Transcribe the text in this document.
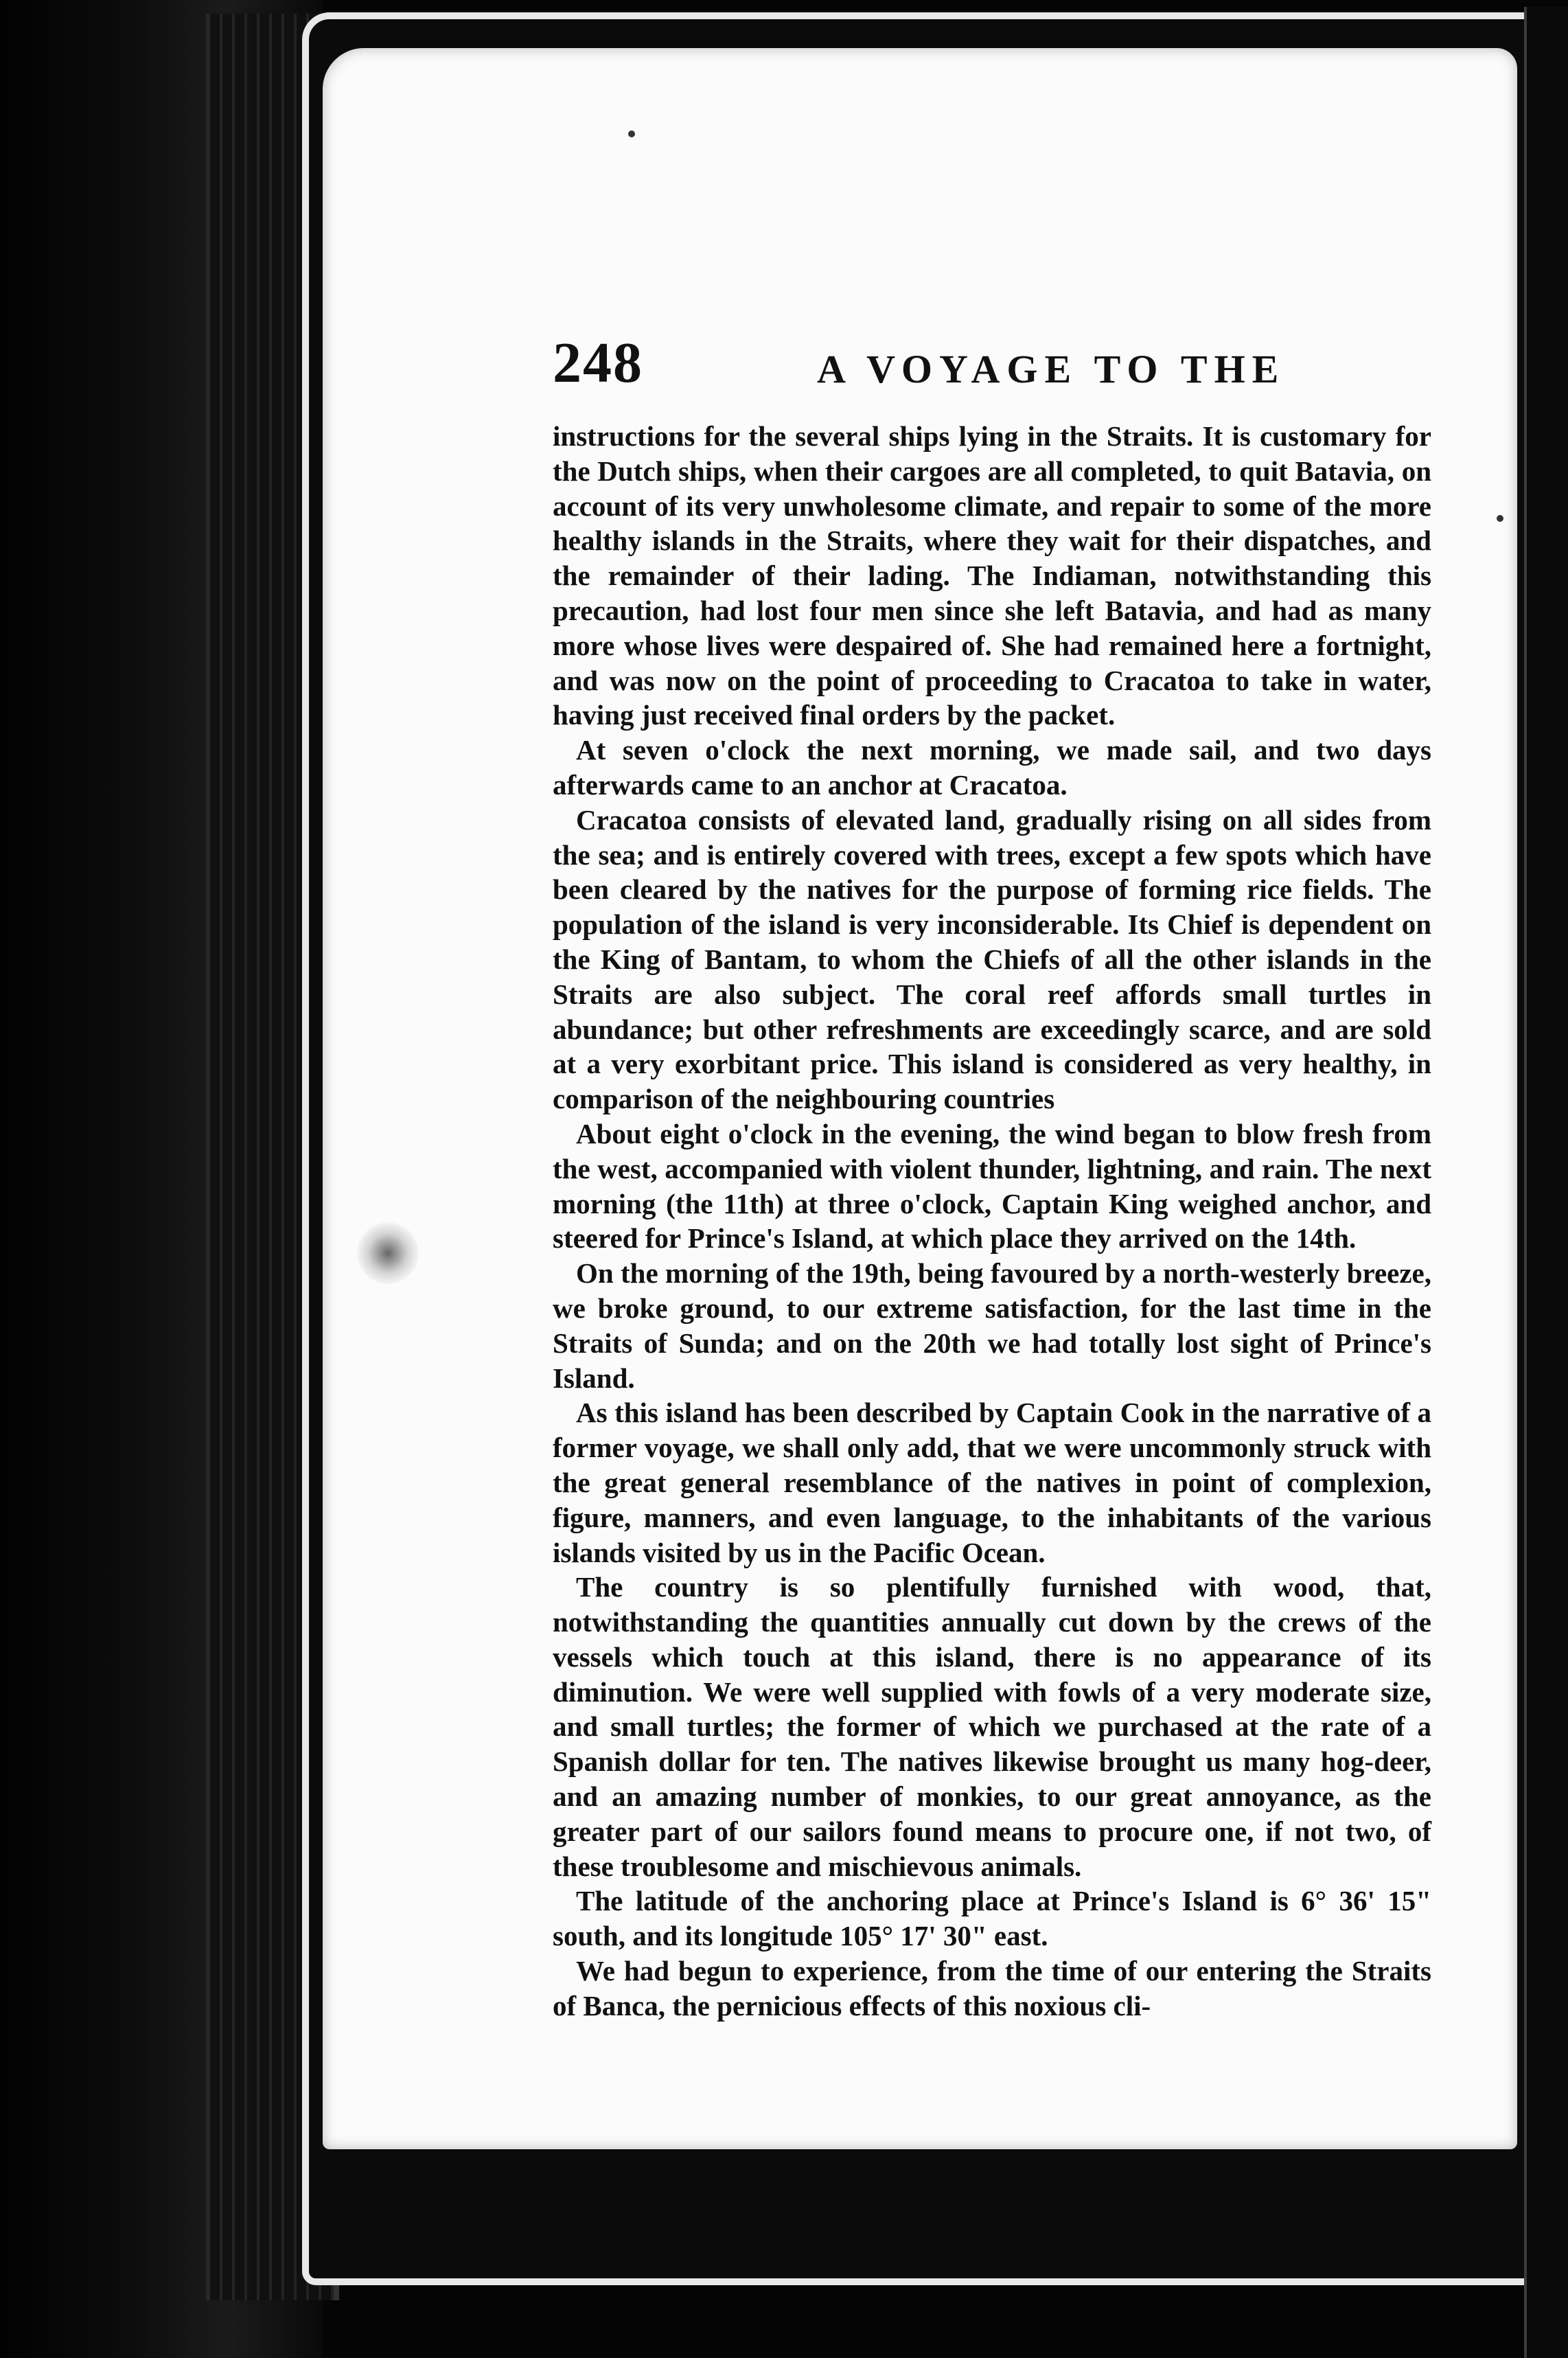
248	A VOYAGE TO THE

instructions for the several ships lying in the Straits. It is customary for the Dutch ships, when their cargoes are all completed, to quit Batavia, on account of its very unwholesome climate, and repair to some of the more healthy islands in the Straits, where they wait for their dispatches, and the remainder of their lading. The Indiaman, notwithstanding this precaution, had lost four men since she left Batavia, and had as many more whose lives were despaired of. She had remained here a fortnight, and was now on the point of proceeding to Cracatoa to take in water, having just received final orders by the packet.

At seven o'clock the next morning, we made sail, and two days afterwards came to an anchor at Cracatoa.

Cracatoa consists of elevated land, gradually rising on all sides from the sea; and is entirely covered with trees, except a few spots which have been cleared by the natives for the purpose of forming rice fields. The population of the island is very inconsiderable. Its Chief is dependent on the King of Bantam, to whom the Chiefs of all the other islands in the Straits are also subject. The coral reef affords small turtles in abundance; but other refreshments are exceedingly scarce, and are sold at a very exorbitant price. This island is considered as very healthy, in comparison of the neighbouring countries

About eight o'clock in the evening, the wind began to blow fresh from the west, accompanied with violent thunder, lightning, and rain. The next morning (the 11th) at three o'clock, Captain King weighed anchor, and steered for Prince's Island, at which place they arrived on the 14th.

On the morning of the 19th, being favoured by a north-westerly breeze, we broke ground, to our extreme satisfaction, for the last time in the Straits of Sunda; and on the 20th we had totally lost sight of Prince's Island.

As this island has been described by Captain Cook in the narrative of a former voyage, we shall only add, that we were uncommonly struck with the great general resemblance of the natives in point of complexion, figure, manners, and even language, to the inhabitants of the various islands visited by us in the Pacific Ocean.

The country is so plentifully furnished with wood, that, notwithstanding the quantities annually cut down by the crews of the vessels which touch at this island, there is no appearance of its diminution. We were well supplied with fowls of a very moderate size, and small turtles; the former of which we purchased at the rate of a Spanish dollar for ten. The natives likewise brought us many hog-deer, and an amazing number of monkies, to our great annoyance, as the greater part of our sailors found means to procure one, if not two, of these troublesome and mischievous animals.

The latitude of the anchoring place at Prince's Island is 6° 36' 15" south, and its longitude 105° 17' 30" east.

We had begun to experience, from the time of our entering the Straits of Banca, the pernicious effects of this noxious cli-
